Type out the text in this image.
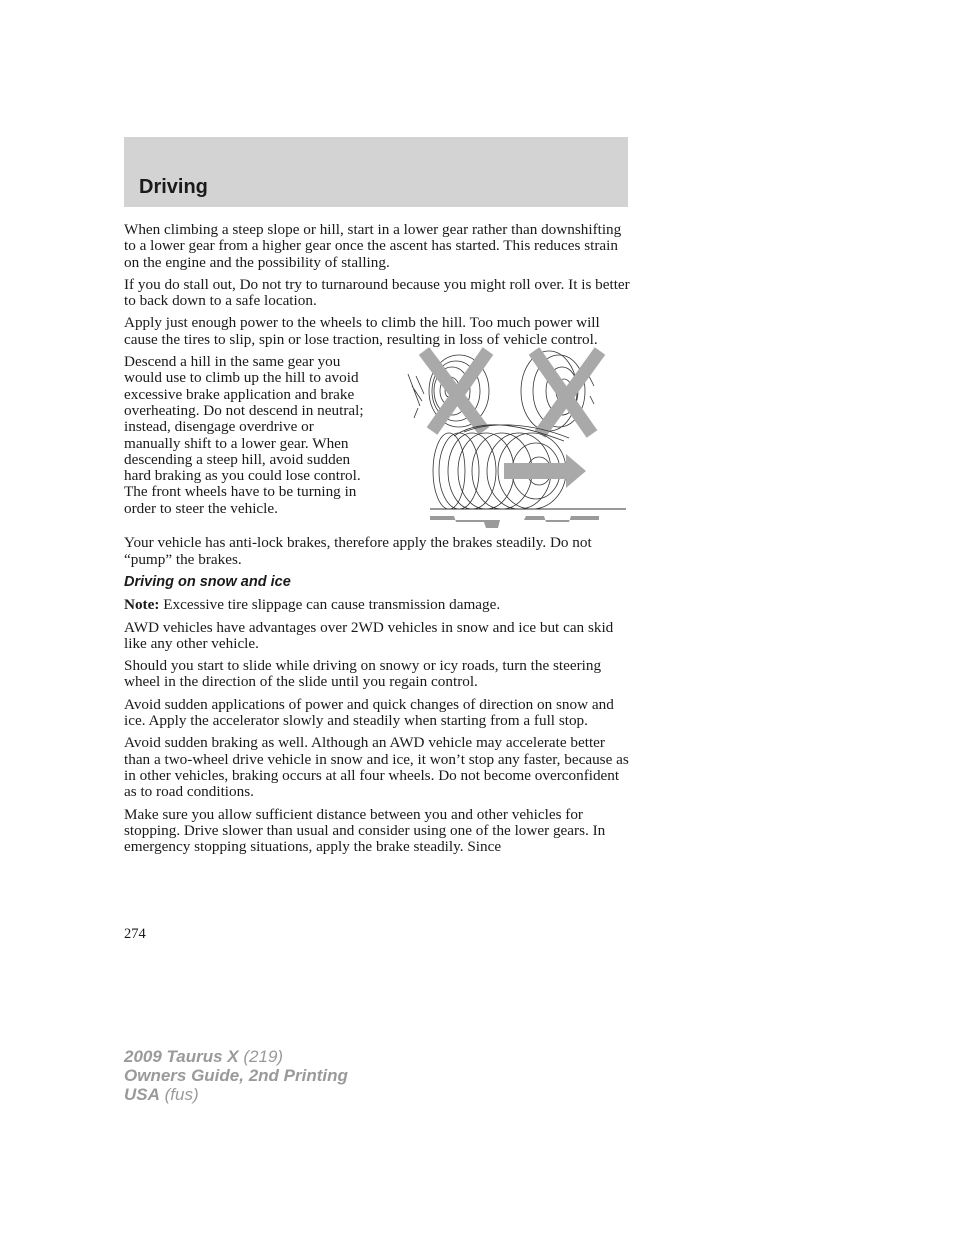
Driving

When climbing a steep slope or hill, start in a lower gear rather than downshifting to a lower gear from a higher gear once the ascent has started. This reduces strain on the engine and the possibility of stalling.

If you do stall out, Do not try to turnaround because you might roll over. It is better to back down to a safe location.

Apply just enough power to the wheels to climb the hill. Too much power will cause the tires to slip, spin or lose traction, resulting in loss of vehicle control.

Descend a hill in the same gear you would use to climb up the hill to avoid excessive brake application and brake overheating. Do not descend in neutral; instead, disengage overdrive or manually shift to a lower gear. When descending a steep hill, avoid sudden hard braking as you could lose control. The front wheels have to be turning in order to steer the vehicle.

Your vehicle has anti-lock brakes, therefore apply the brakes steadily. Do not “pump” the brakes.

Driving on snow and ice

Note: Excessive tire slippage can cause transmission damage.

AWD vehicles have advantages over 2WD vehicles in snow and ice but can skid like any other vehicle.

Should you start to slide while driving on snowy or icy roads, turn the steering wheel in the direction of the slide until you regain control.

Avoid sudden applications of power and quick changes of direction on snow and ice. Apply the accelerator slowly and steadily when starting from a full stop.

Avoid sudden braking as well. Although an AWD vehicle may accelerate better than a two-wheel drive vehicle in snow and ice, it won’t stop any faster, because as in other vehicles, braking occurs at all four wheels. Do not become overconfident as to road conditions.

Make sure you allow sufficient distance between you and other vehicles for stopping. Drive slower than usual and consider using one of the lower gears. In emergency stopping situations, apply the brake steadily. Since

274
2009 Taurus X (219)
Owners Guide, 2nd Printing
USA (fus)
